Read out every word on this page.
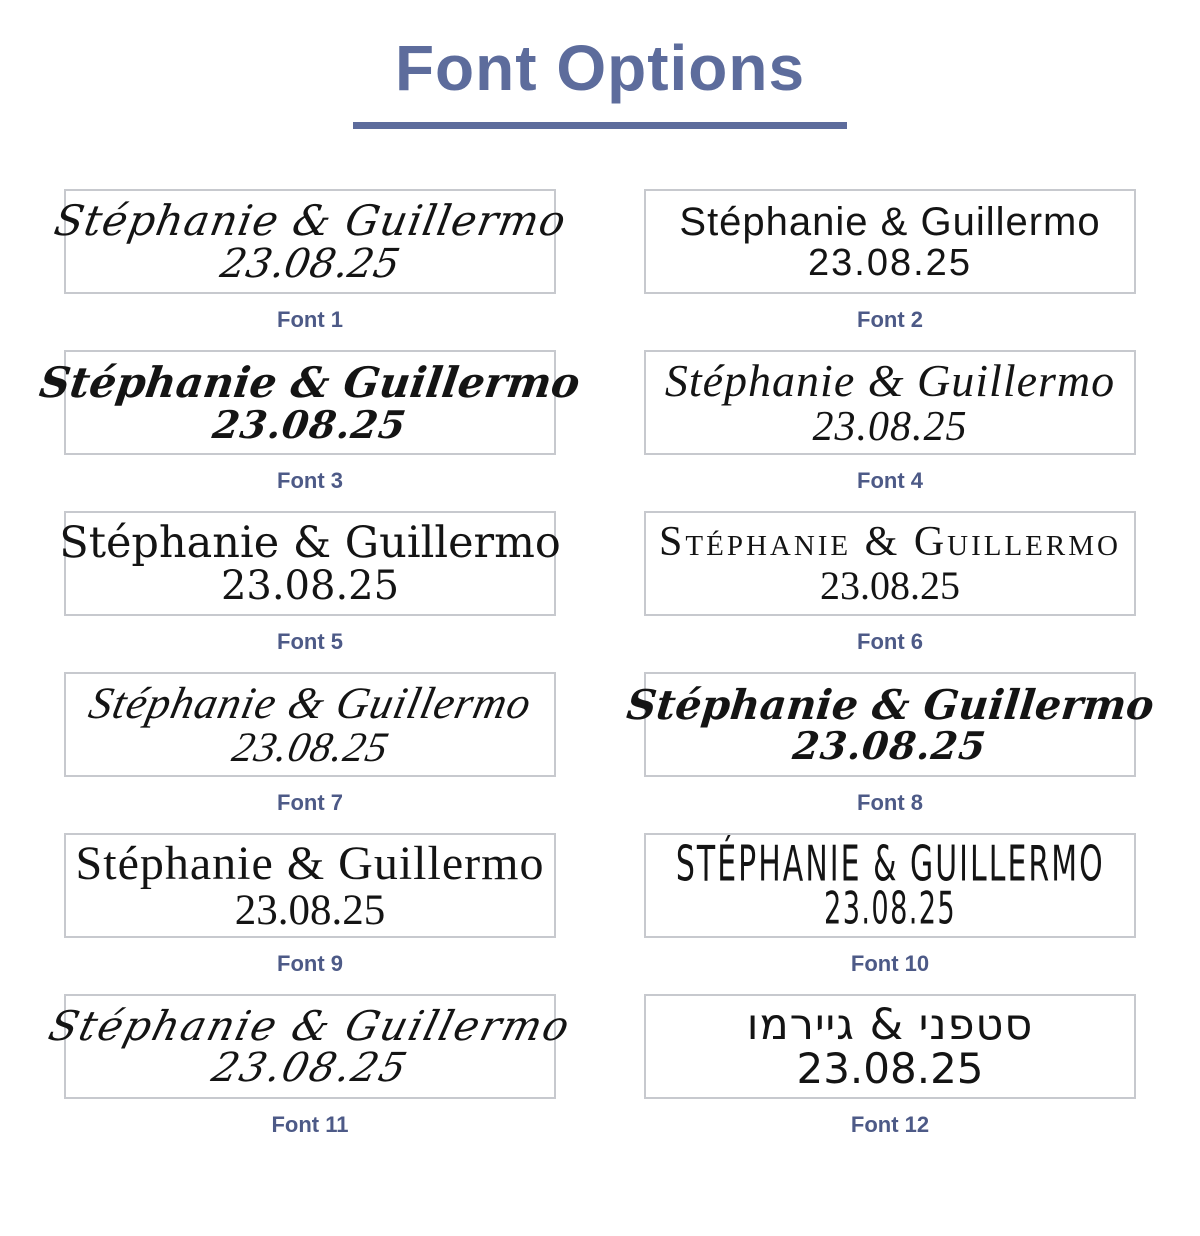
Font Options
Stéphanie & Guillermo
23.08.25
Font 1
Stéphanie & Guillermo
23.08.25
Font 2
Stéphanie & Guillermo
23.08.25
Font 3
Stéphanie & Guillermo
23.08.25
Font 4
Stéphanie & Guillermo
23.08.25
Font 5
Stéphanie & Guillermo
23.08.25
Font 6
Stéphanie & Guillermo
23.08.25
Font 7
Stéphanie & Guillermo
23.08.25
Font 8
Stéphanie & Guillermo
23.08.25
Font 9
STÉPHANIE & GUILLERMO
23.08.25
Font 10
Stéphanie & Guillermo
23.08.25
Font 11
סטפני & גיירמו
23.08.25
Font 12
